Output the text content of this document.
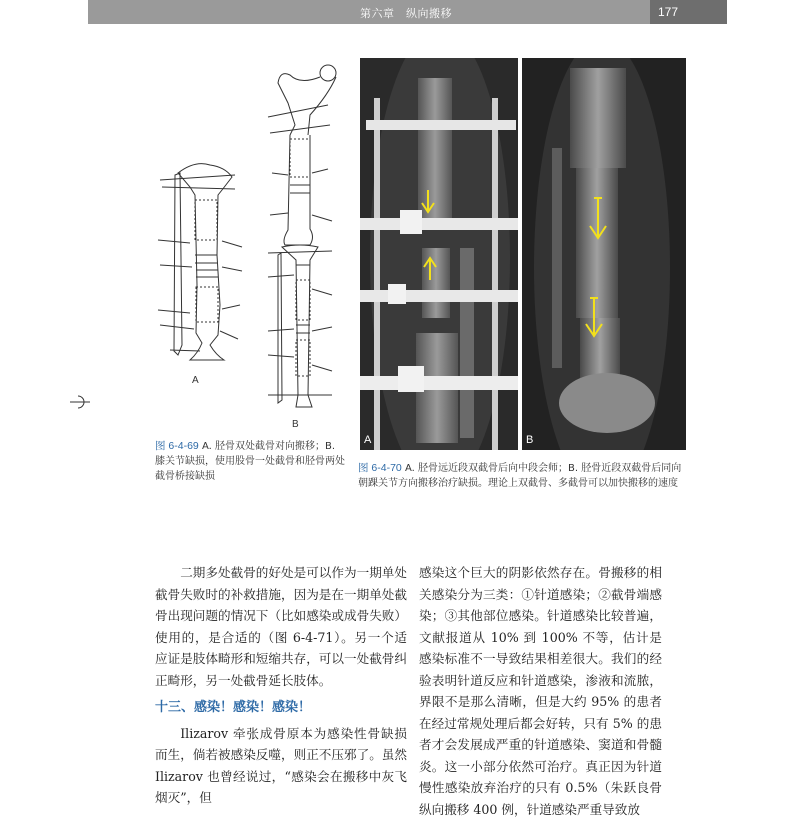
第六章　纵向搬移	177
A
B
A	B
图 6-4-69 A. 胫骨双处截骨对向搬移；B. 膝关节缺损，使用股骨一处截骨和胫骨两处截骨桥接缺损
图 6-4-70 A. 胫骨远近段双截骨后向中段会师；B. 胫骨近段双截骨后同向朝踝关节方向搬移治疗缺损。理论上双截骨、多截骨可以加快搬移的速度

二期多处截骨的好处是可以作为一期单处截骨失败时的补救措施，因为是在一期单处截骨出现问题的情况下（比如感染或成骨失败）使用的，是合适的（图 6-4-71）。另一个适应证是肢体畸形和短缩共存，可以一处截骨纠正畸形，另一处截骨延长肢体。

十三、感染！感染！感染！

Ilizarov 牵张成骨原本为感染性骨缺损而生，倘若被感染反噬，则正不压邪了。虽然 Ilizarov 也曾经说过，“感染会在搬移中灰飞烟灭”，但

感染这个巨大的阴影依然存在。骨搬移的相关感染分为三类：①针道感染；②截骨端感染；③其他部位感染。针道感染比较普遍，文献报道从 10% 到 100% 不等，估计是感染标准不一导致结果相差很大。我们的经验表明针道反应和针道感染，渗液和流脓，界限不是那么清晰，但是大约 95% 的患者在经过常规处理后都会好转，只有 5% 的患者才会发展成严重的针道感染、窦道和骨髓炎。这一小部分依然可治疗。真正因为针道慢性感染放弃治疗的只有 0.5%（朱跃良骨纵向搬移 400 例，针道感染严重导致放
